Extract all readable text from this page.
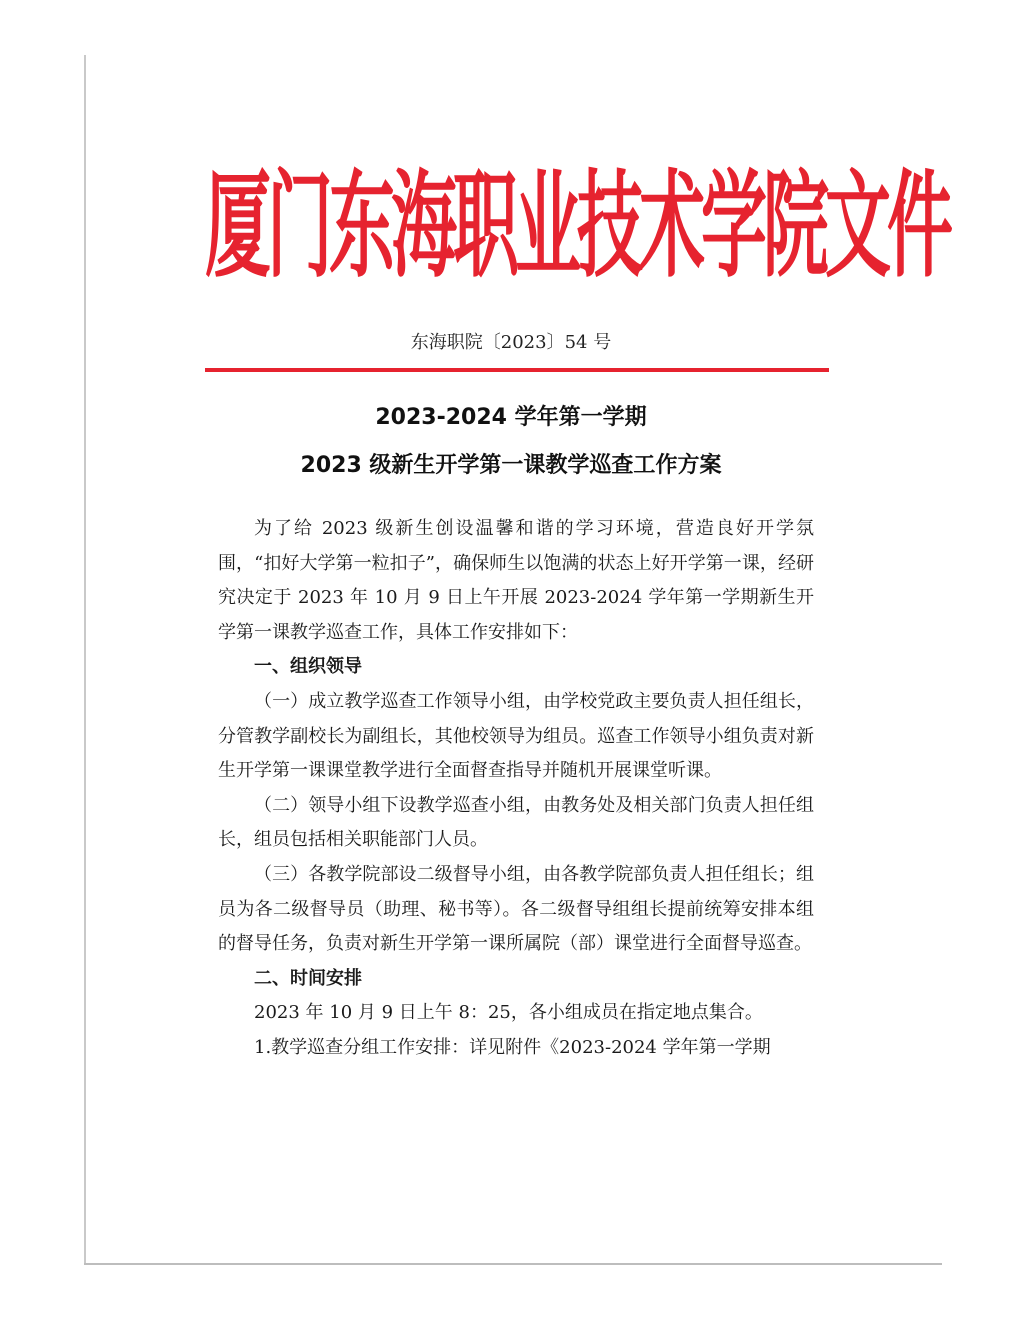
厦门东海职业技术学院文件
东海职院〔2023〕54 号
2023-2024 学年第一学期
2023 级新生开学第一课教学巡查工作方案

为了给 2023 级新生创设温馨和谐的学习环境，营造良好开学氛围，“扣好大学第一粒扣子”，确保师生以饱满的状态上好开学第一课，经研究决定于 2023 年 10 月 9 日上午开展 2023-2024 学年第一学期新生开学第一课教学巡查工作，具体工作安排如下：

一、组织领导

（一）成立教学巡查工作领导小组，由学校党政主要负责人担任组长，分管教学副校长为副组长，其他校领导为组员。巡查工作领导小组负责对新生开学第一课课堂教学进行全面督查指导并随机开展课堂听课。

（二）领导小组下设教学巡查小组，由教务处及相关部门负责人担任组长，组员包括相关职能部门人员。

（三）各教学院部设二级督导小组，由各教学院部负责人担任组长；组员为各二级督导员（助理、秘书等）。各二级督导组组长提前统筹安排本组的督导任务，负责对新生开学第一课所属院（部）课堂进行全面督导巡查。

二、时间安排

2023 年 10 月 9 日上午 8：25，各小组成员在指定地点集合。

1.教学巡查分组工作安排：详见附件《2023-2024 学年第一学期
